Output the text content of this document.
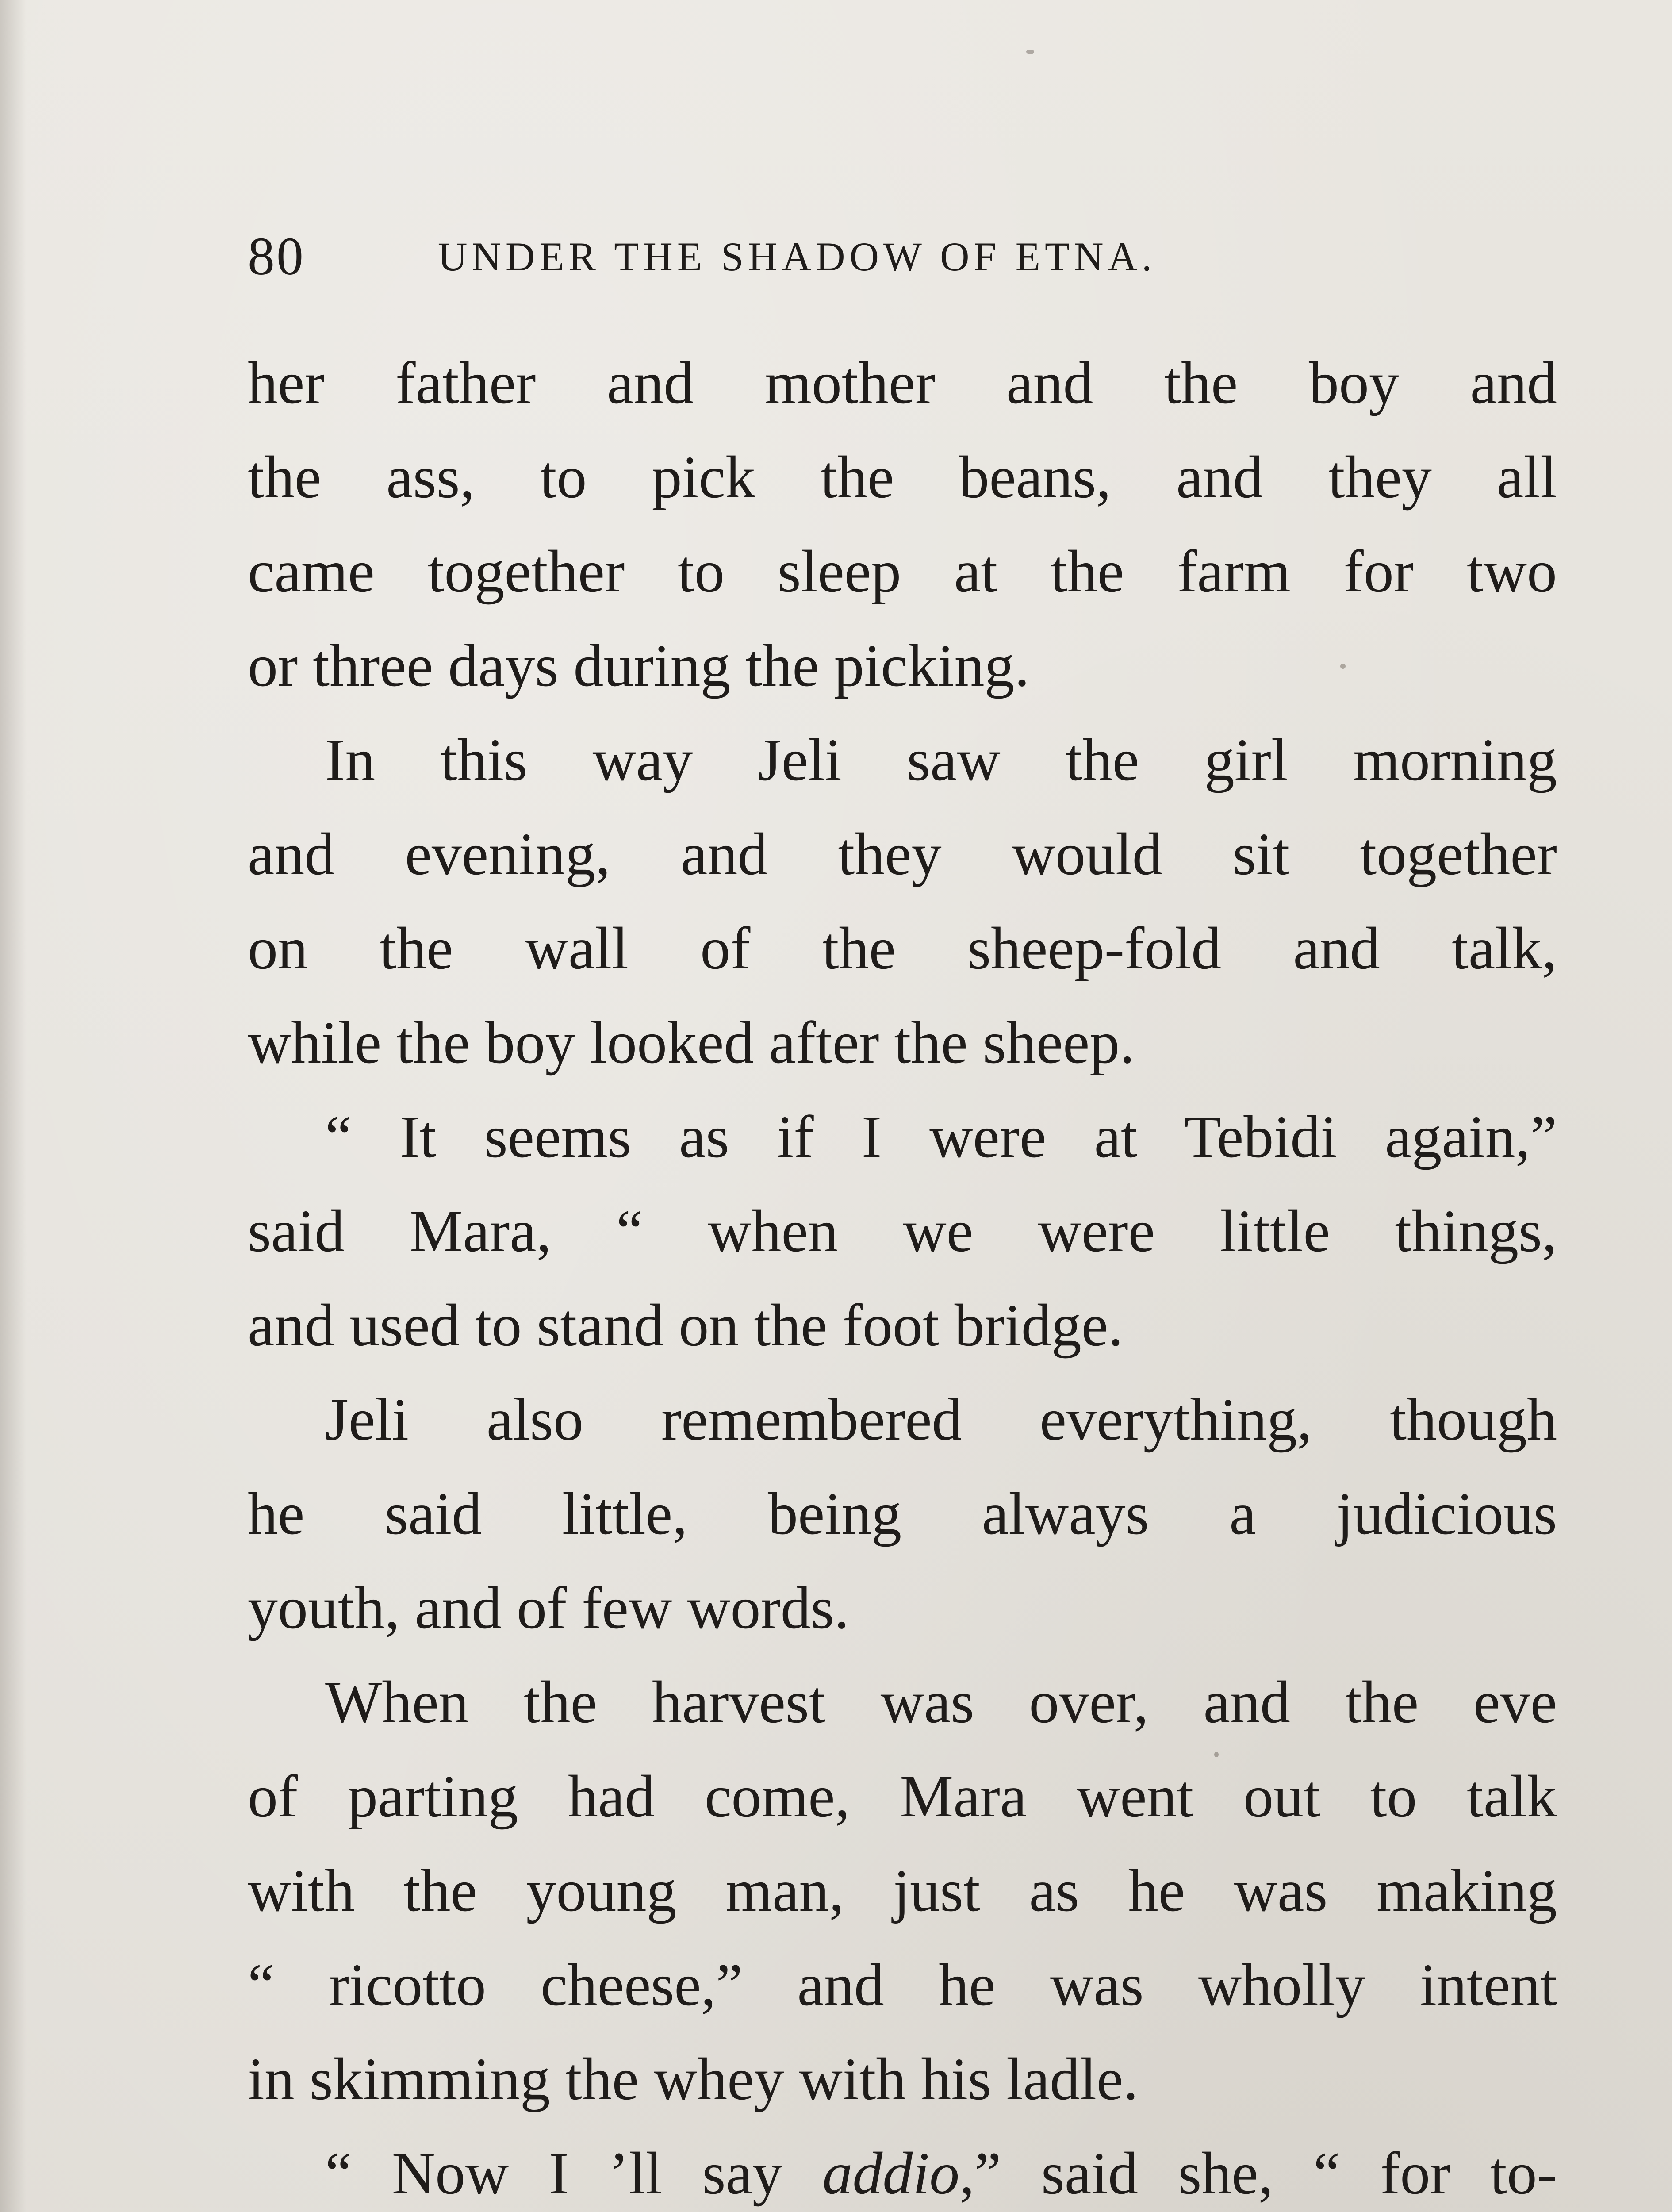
80	UNDER THE SHADOW OF ETNA.
her father and mother and the boy and
the ass, to pick the beans, and they all
came together to sleep at the farm for two
or three days during the picking.
In this way Jeli saw the girl morning
and evening, and they would sit together
on the wall of the sheep-fold and talk,
while the boy looked after the sheep.
“ It seems as if I were at Tebidi again,”
said Mara, “ when we were little things,
and used to stand on the foot bridge.
Jeli also remembered everything, though
he said little, being always a judicious
youth, and of few words.
When the harvest was over, and the eve
of parting had come, Mara went out to talk
with the young man, just as he was making
“ ricotto cheese,” and he was wholly intent
in skimming the whey with his ladle.
“ Now I ’ll say addio,” said she, “ for to-
